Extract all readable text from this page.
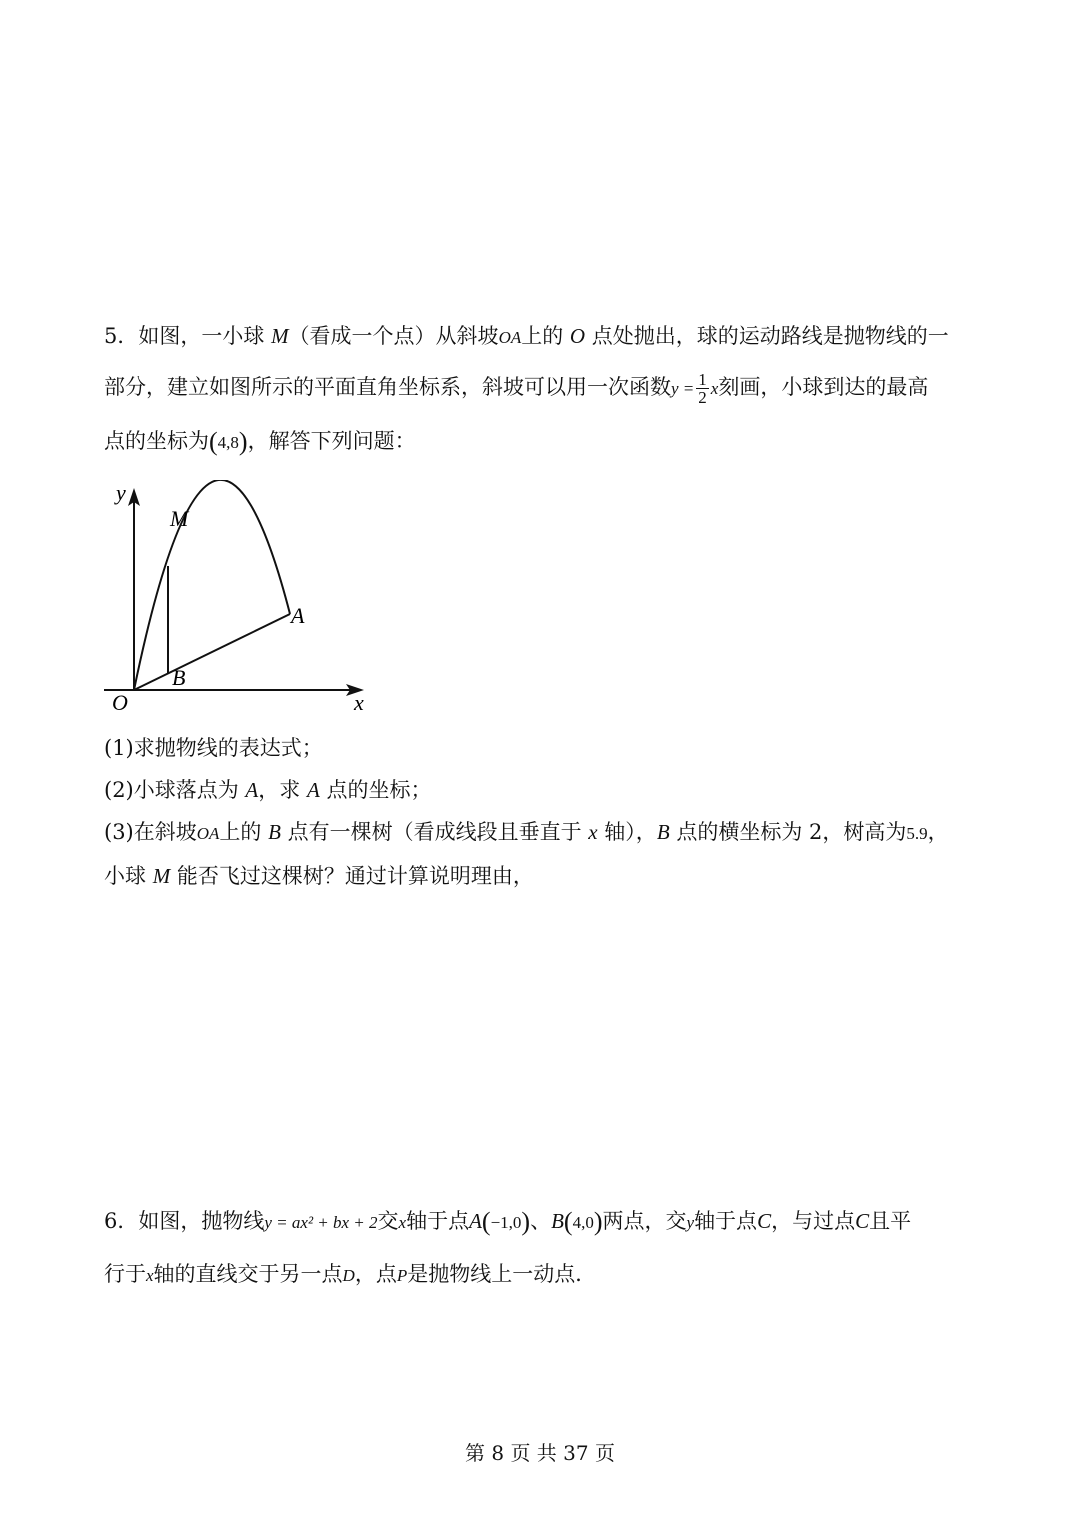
5．如图，一小球 M（看成一个点）从斜坡OA上的 O 点处抛出，球的运动路线是抛物线的一
部分，建立如图所示的平面直角坐标系，斜坡可以用一次函数$y = \frac{1}{2}$ x刻画，小球到达的最高
点的坐标为(4,8)，解答下列问题：
y
x
O
M
A
B
(1)求抛物线的表达式；
(2)小球落点为 A，求 A 点的坐标；
(3)在斜坡OA上的 B 点有一棵树（看成线段且垂直于 x 轴），B 点的横坐标为 2，树高为5.9，
小球 M 能否飞过这棵树？通过计算说明理由，
6．如图，抛物线y = ax² + bx + 2交x轴于点A(−1,0)、B(4,0)两点，交y轴于点C，与过点C且平
行于x轴的直线交于另一点D，点P是抛物线上一动点．
第 8 页 共 37 页
